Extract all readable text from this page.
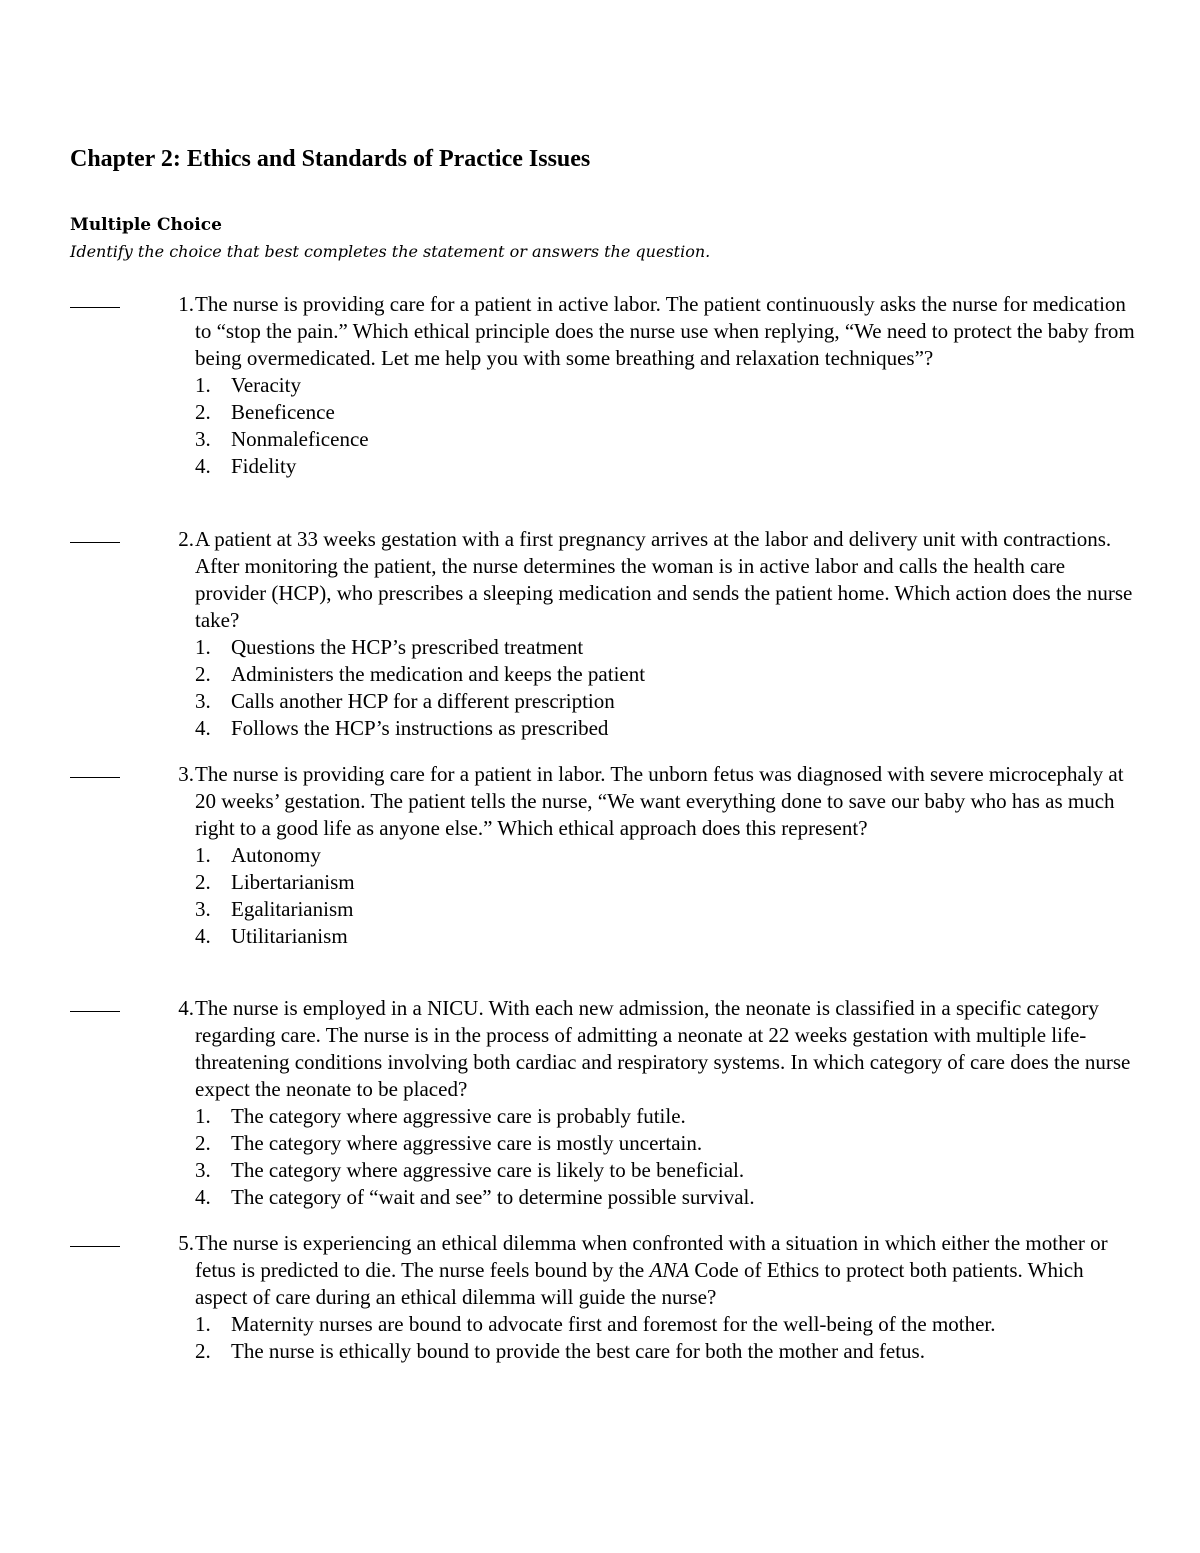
Chapter 2: Ethics and Standards of Practice Issues
Multiple Choice
Identify the choice that best completes the statement or answers the question.
1. The nurse is providing care for a patient in active labor. The patient continuously asks the nurse for medication to “stop the pain.” Which ethical principle does the nurse use when replying, “We need to protect the baby from being overmedicated. Let me help you with some breathing and relaxation techniques”?
1. Veracity
2. Beneficence
3. Nonmaleficence
4. Fidelity
2. A patient at 33 weeks gestation with a first pregnancy arrives at the labor and delivery unit with contractions. After monitoring the patient, the nurse determines the woman is in active labor and calls the health care provider (HCP), who prescribes a sleeping medication and sends the patient home. Which action does the nurse take?
1. Questions the HCP’s prescribed treatment
2. Administers the medication and keeps the patient
3. Calls another HCP for a different prescription
4. Follows the HCP’s instructions as prescribed
3. The nurse is providing care for a patient in labor. The unborn fetus was diagnosed with severe microcephaly at 20 weeks’ gestation. The patient tells the nurse, “We want everything done to save our baby who has as much right to a good life as anyone else.” Which ethical approach does this represent?
1. Autonomy
2. Libertarianism
3. Egalitarianism
4. Utilitarianism
4. The nurse is employed in a NICU. With each new admission, the neonate is classified in a specific category regarding care. The nurse is in the process of admitting a neonate at 22 weeks gestation with multiple life-threatening conditions involving both cardiac and respiratory systems. In which category of care does the nurse expect the neonate to be placed?
1. The category where aggressive care is probably futile.
2. The category where aggressive care is mostly uncertain.
3. The category where aggressive care is likely to be beneficial.
4. The category of “wait and see” to determine possible survival.
5. The nurse is experiencing an ethical dilemma when confronted with a situation in which either the mother or fetus is predicted to die. The nurse feels bound by the ANA Code of Ethics to protect both patients. Which aspect of care during an ethical dilemma will guide the nurse?
1. Maternity nurses are bound to advocate first and foremost for the well-being of the mother.
2. The nurse is ethically bound to provide the best care for both the mother and fetus.
